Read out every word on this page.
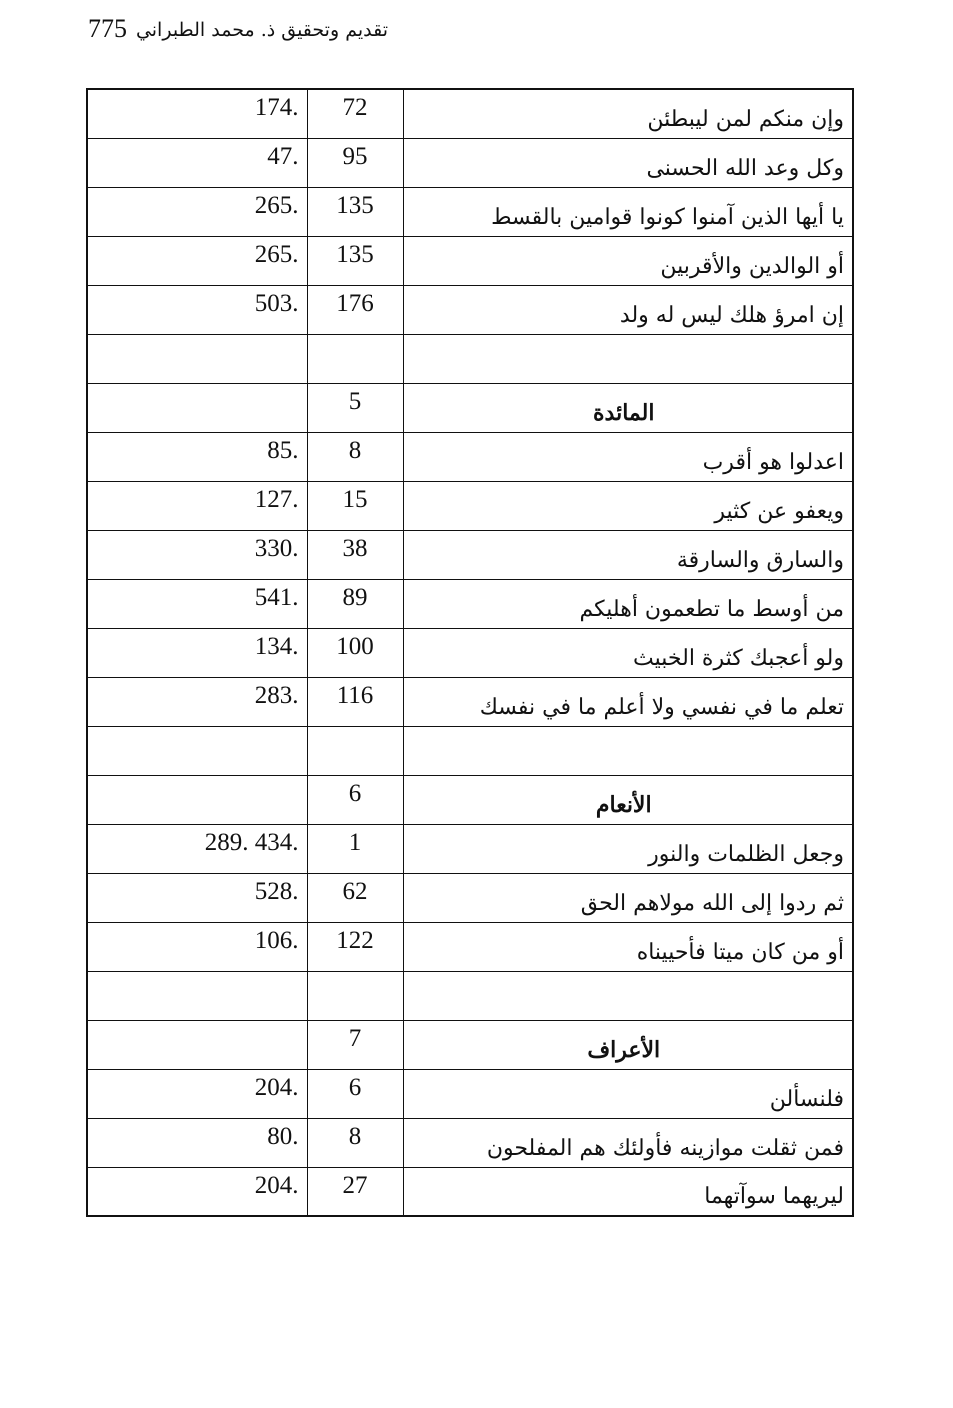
775 تقديم وتحقيق ذ. محمد الطبراني
174.	72	وإن منكم لمن ليبطئن
47.	95	وكل وعد الله الحسنى
265.	135	يا أيها الذين آمنوا كونوا قوامين بالقسط
265.	135	أو الوالدين والأقربين
503.	176	إن امرؤ هلك ليس له ولد

	5	المائدة
85.	8	اعدلوا هو أقرب
127.	15	ويعفو عن كثير
330.	38	والسارق والسارقة
541.	89	من أوسط ما تطعمون أهليكم
134.	100	ولو أعجبك كثرة الخبيث
283.	116	تعلم ما في نفسي ولا أعلم ما في نفسك

	6	الأنعام
289. 434.	1	وجعل الظلمات والنور
528.	62	ثم ردوا إلى الله مولاهم الحق
106.	122	أو من كان ميتا فأحييناه

	7	الأعراف
204.	6	فلنسألن
80.	8	فمن ثقلت موازينه فأولئك هم المفلحون
204.	27	ليريهما سوآتهما
